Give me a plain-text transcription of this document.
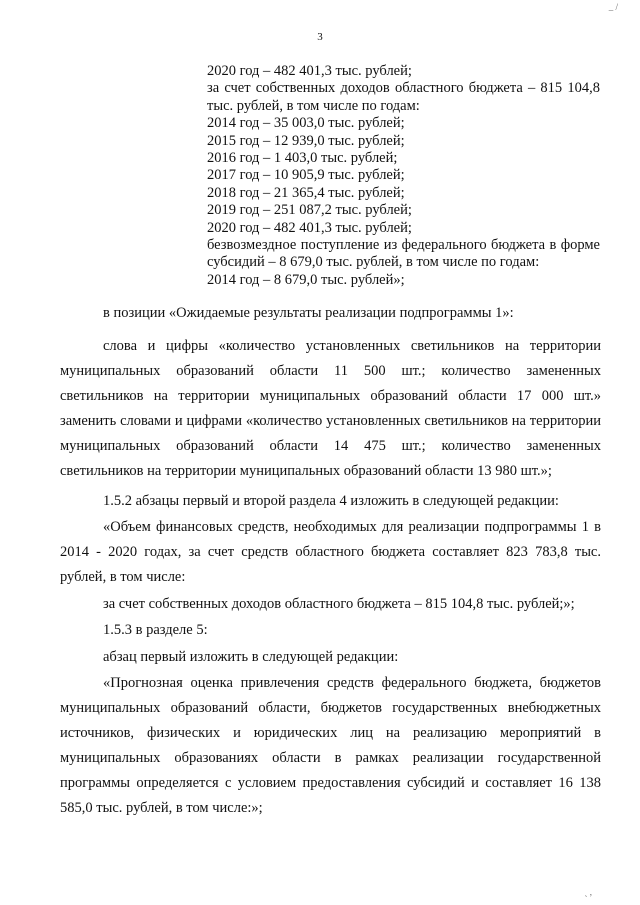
_ /
3
2020 год – 482 401,3 тыс. рублей;
за счет собственных доходов областного бюджета – 815 104,8 тыс. рублей, в том числе по годам:
2014 год – 35 003,0 тыс. рублей;
2015 год – 12 939,0 тыс. рублей;
2016 год – 1 403,0 тыс. рублей;
2017 год – 10 905,9 тыс. рублей;
2018 год – 21 365,4 тыс. рублей;
2019 год – 251 087,2 тыс. рублей;
2020 год – 482 401,3 тыс. рублей;
безвозмездное поступление из федерального бюджета в форме субсидий – 8 679,0 тыс. рублей, в том числе по годам:
2014 год – 8 679,0 тыс. рублей»;
в позиции «Ожидаемые результаты реализации подпрограммы 1»:

слова и цифры «количество установленных светильников на территории муниципальных образований области 11 500 шт.; количество замененных светильников на территории муниципальных образований области 17 000 шт.» заменить словами и цифрами «количество установленных светильников на территории муниципальных образований области 14 475 шт.; количество замененных светильников на территории муниципальных образований области 13 980 шт.»;

1.5.2 абзацы первый и второй раздела 4 изложить в следующей редакции:

«Объем финансовых средств, необходимых для реализации подпрограммы 1 в 2014 - 2020 годах, за счет средств областного бюджета составляет 823 783,8 тыс. рублей, в том числе:

за счет собственных доходов областного бюджета – 815 104,8 тыс. рублей;»;

1.5.3 в разделе 5:

абзац первый изложить в следующей редакции:

«Прогнозная оценка привлечения средств федерального бюджета, бюджетов муниципальных образований области, бюджетов государственных внебюджетных источников, физических и юридических лиц на реализацию мероприятий в муниципальных образованиях области в рамках реализации государственной программы определяется с условием предоставления субсидий и составляет 16 138 585,0 тыс. рублей, в том числе:»;

ˎ ,
